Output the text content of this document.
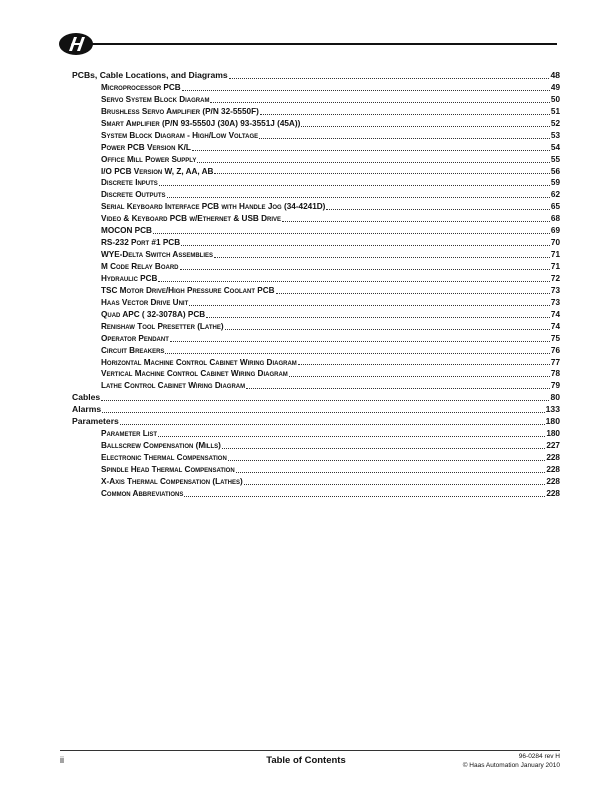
PCBs, Cable Locations, and Diagrams	48
Microprocessor PCB	49
Servo System Block Diagram	50
Brushless Servo Amplifier (P/N 32-5550F)	51
Smart Amplifier (P/N 93-5550J (30A) 93-3551J (45A))	52
System Block Diagram - High/Low Voltage	53
Power PCB Version K/L	54
Office Mill Power Supply	55
I/O PCB Version W, Z, AA, AB	56
Discrete Inputs	59
Discrete Outputs	62
Serial Keyboard Interface PCB with Handle Jog (34-4241D)	65
Video & Keyboard PCB w/Ethernet & USB Drive	68
MOCON PCB	69
RS-232 Port #1 PCB	70
WYE-Delta Switch Assemblies	71
M Code Relay Board	71
Hydraulic PCB	72
TSC Motor Drive/High Pressure Coolant PCB	73
Haas Vector Drive Unit	73
Quad APC ( 32-3078A) PCB	74
Renishaw Tool Presetter (Lathe)	74
Operator Pendant	75
Circuit Breakers	76
Horizontal Machine Control Cabinet Wiring Diagram	77
Vertical Machine Control Cabinet Wiring Diagram	78
Lathe Control Cabinet Wiring Diagram	79
Cables	80
Alarms	133
Parameters	180
Parameter List	180
Ballscrew Compensation (Mills)	227
Electronic Thermal Compensation	228
Spindle Head Thermal Compensation	228
X-Axis Thermal Compensation (Lathes)	228
Common Abbreviations	228
ii	Table of Contents	96-0284 rev H
© Haas Automation January 2010
